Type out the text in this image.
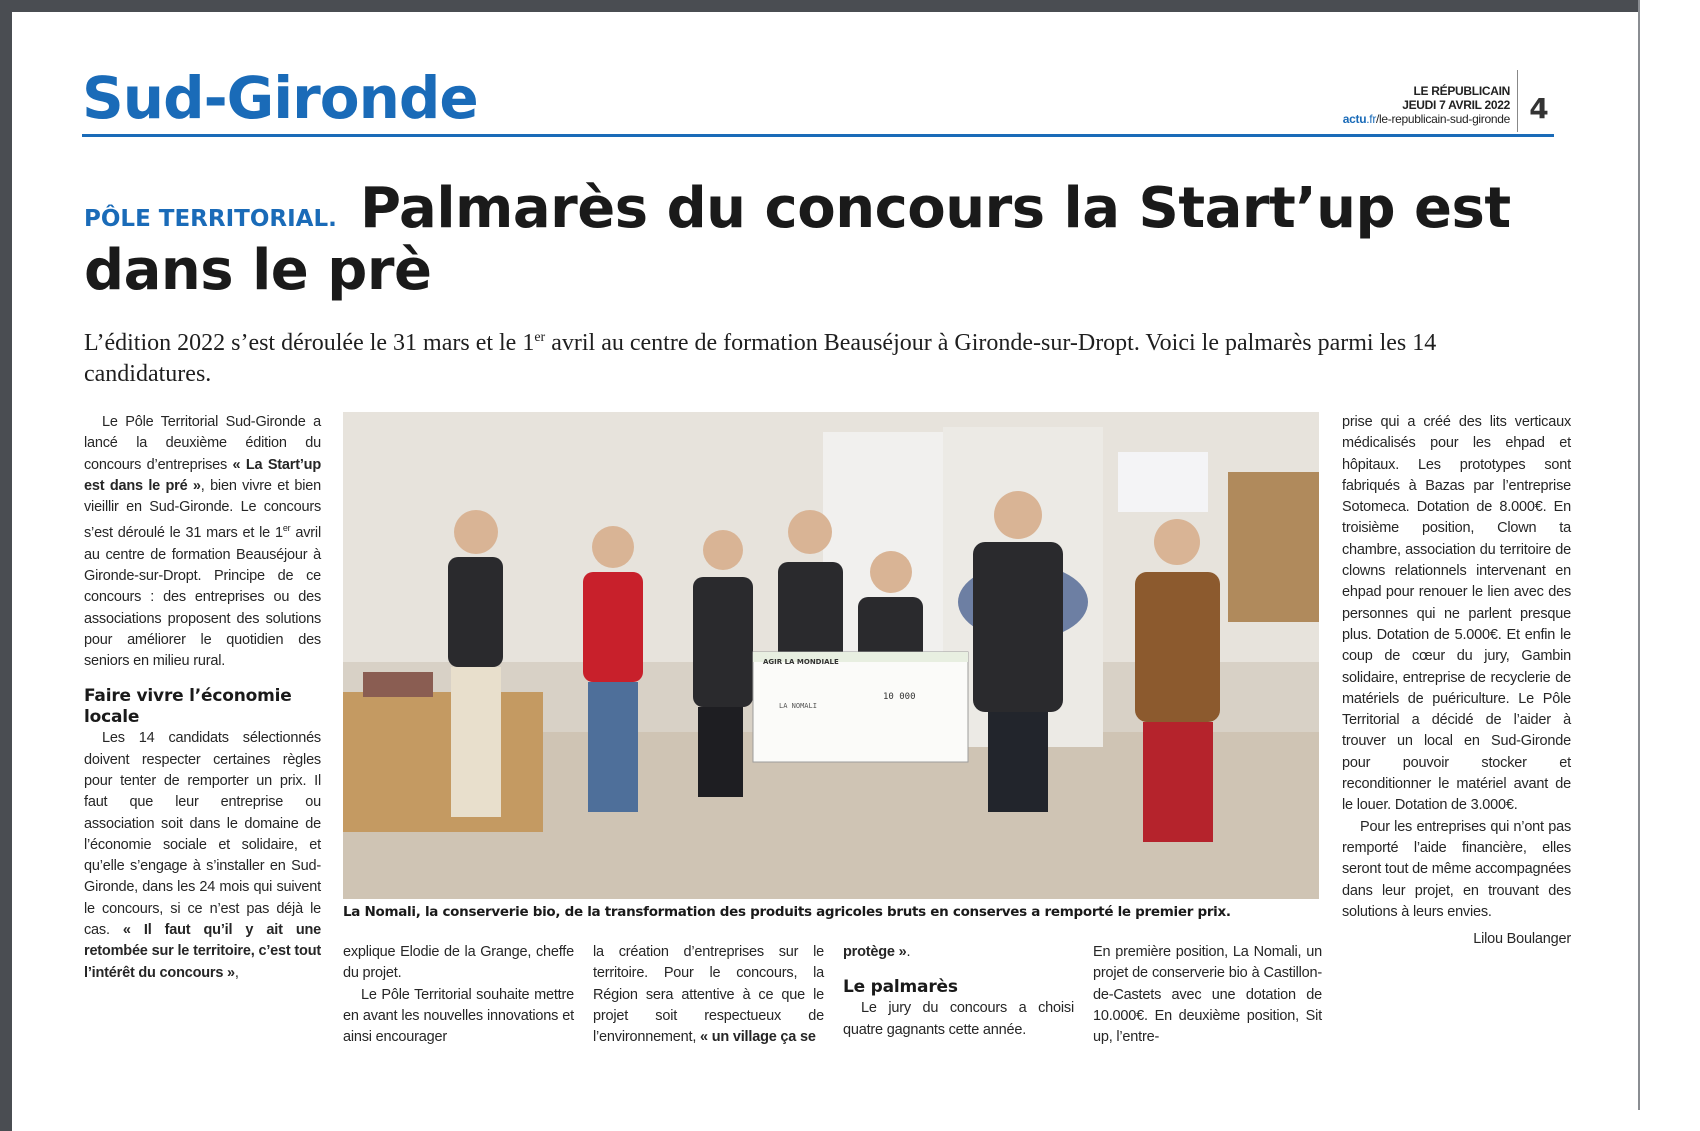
Sud-Gironde	LE RÉPUBLICAIN
JEUDI 7 AVRIL 2022
actu.fr/le-republicain-sud-gironde 4
Palmarès du concours la Start’up est dans le prè
PÔLE TERRITORIAL.

L’édition 2022 s’est déroulée le 31 mars et le 1er avril au centre de formation Beauséjour à Gironde-sur-Dropt. Voici le palmarès parmi les 14 candidatures.

Le Pôle Territorial Sud-Gironde a lancé la deuxième édition du concours d’entreprises « La Start’up est dans le pré », bien vivre et bien vieillir en Sud-Gironde. Le concours s’est déroulé le 31 mars et le 1er avril au centre de formation Beauséjour à Gironde-sur-Dropt. Principe de ce concours : des entreprises ou des associations proposent des solutions pour améliorer le quotidien des seniors en milieu rural.

Faire vivre l’économie locale

Les 14 candidats sélectionnés doivent respecter certaines règles pour tenter de remporter un prix. Il faut que leur entreprise ou association soit dans le domaine de l’économie sociale et solidaire, et qu’elle s’engage à s’installer en Sud-Gironde, dans les 24 mois qui suivent le concours, si ce n’est pas déjà le cas. « Il faut qu’il y ait une retombée sur le territoire, c’est tout l’intérêt du concours »,

AGIR LA MONDIALE
LA NOMALI
10 000

La Nomali, la conserverie bio, de la transformation des produits agricoles bruts en conserves a remporté le premier prix.

explique Elodie de la Grange, cheffe du projet.

Le Pôle Territorial souhaite mettre en avant les nouvelles innovations et ainsi encourager

la création d’entreprises sur le territoire. Pour le concours, la Région sera attentive à ce que le projet soit respectueux de l’environnement, « un village ça se

protège ».

Le palmarès

Le jury du concours a choisi quatre gagnants cette année.

En première position, La Nomali, un projet de conserverie bio à Castillon-de-Castets avec une dotation de 10.000€. En deuxième position, Sit up, l’entre-

prise qui a créé des lits verticaux médicalisés pour les ehpad et hôpitaux. Les prototypes sont fabriqués à Bazas par l’entreprise Sotomeca. Dotation de 8.000€. En troisième position, Clown ta chambre, association du territoire de clowns relationnels intervenant en ehpad pour renouer le lien avec des personnes qui ne parlent presque plus. Dotation de 5.000€. Et enfin le coup de cœur du jury, Gambin solidaire, entreprise de recyclerie de matériels de puériculture. Le Pôle Territorial a décidé de l’aider à trouver un local en Sud-Gironde pour pouvoir stocker et reconditionner le matériel avant de le louer. Dotation de 3.000€.

Pour les entreprises qui n’ont pas remporté l’aide financière, elles seront tout de même accompagnées dans leur projet, en trouvant des solutions à leurs envies.

Lilou Boulanger
